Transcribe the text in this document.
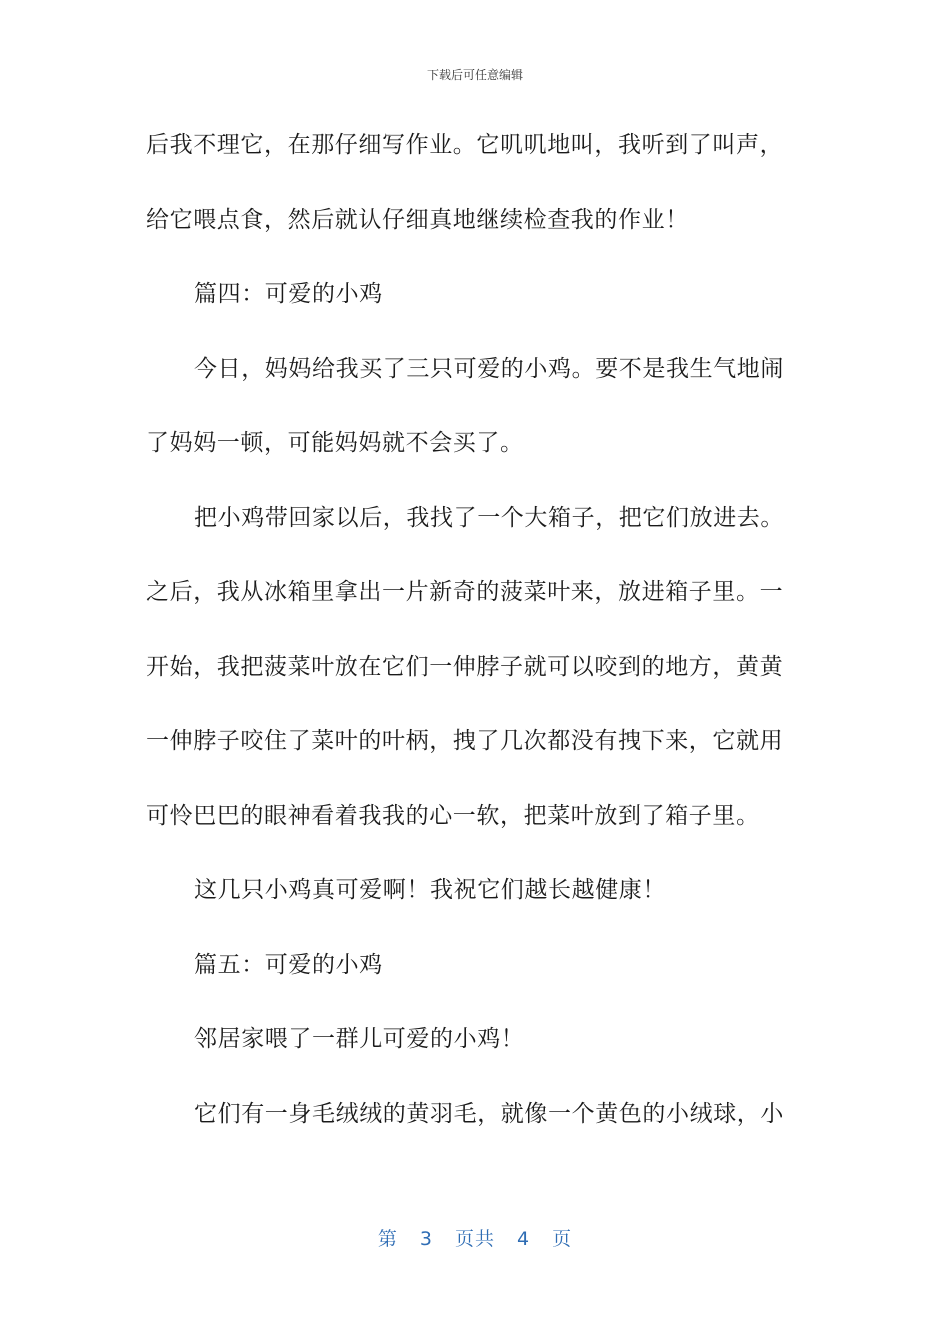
下载后可任意编辑
后我不理它，在那仔细写作业。它叽叽地叫，我听到了叫声，
给它喂点食，然后就认仔细真地继续检查我的作业！
篇四：可爱的小鸡
今日，妈妈给我买了三只可爱的小鸡。要不是我生气地闹
了妈妈一顿，可能妈妈就不会买了。
把小鸡带回家以后，我找了一个大箱子，把它们放进去。
之后，我从冰箱里拿出一片新奇的菠菜叶来，放进箱子里。一
开始，我把菠菜叶放在它们一伸脖子就可以咬到的地方，黄黄
一伸脖子咬住了菜叶的叶柄，拽了几次都没有拽下来，它就用
可怜巴巴的眼神看着我我的心一软，把菜叶放到了箱子里。
这几只小鸡真可爱啊！我祝它们越长越健康！
篇五：可爱的小鸡
邻居家喂了一群儿可爱的小鸡！
它们有一身毛绒绒的黄羽毛，就像一个黄色的小绒球，小
第 3 页共 4 页
